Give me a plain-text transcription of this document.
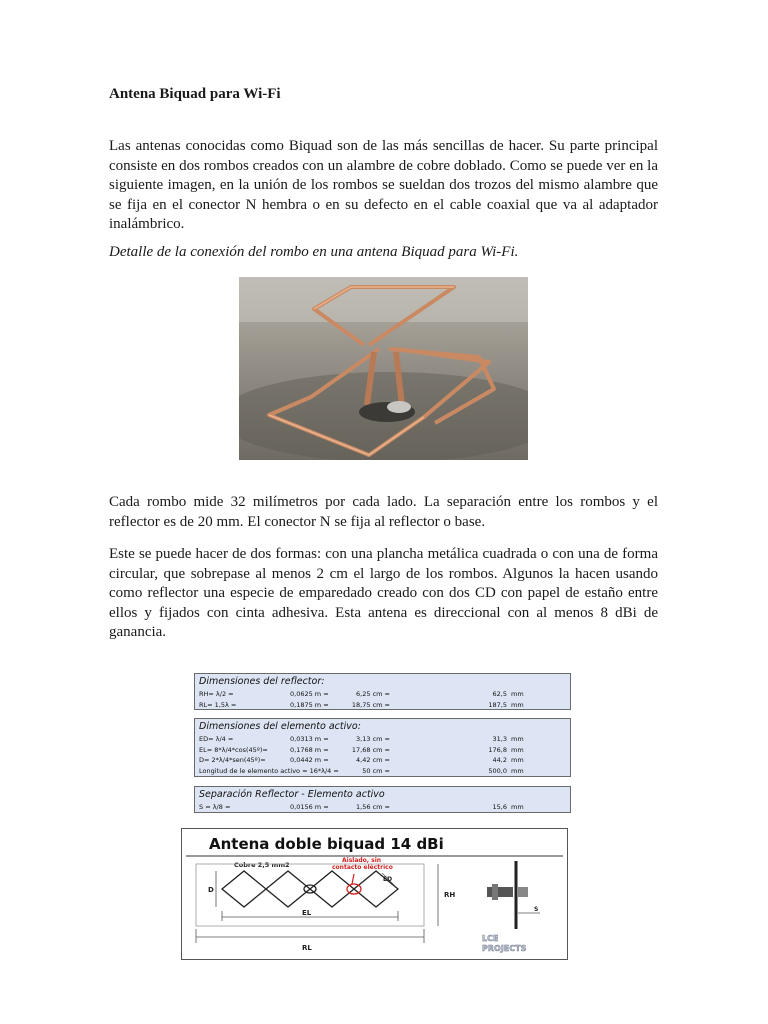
Antena Biquad para Wi-Fi
Las antenas conocidas como Biquad son de las más sencillas de hacer. Su parte principal consiste en dos rombos creados con un alambre de cobre doblado. Como se puede ver en la siguiente imagen, en la unión de los rombos se sueldan dos trozos del mismo alambre que se fija en el conector N hembra o en su defecto en el cable coaxial que va al adaptador inalámbrico.
Detalle de la conexión del rombo en una antena Biquad para Wi-Fi.
Cada rombo mide 32 milímetros por cada lado. La separación entre los rombos y el reflector es de 20 mm. El conector N se fija al reflector o base.
Este se puede hacer de dos formas: con una plancha metálica cuadrada o con una de forma circular, que sobrepase al menos 2 cm el largo de los rombos. Algunos la hacen usando como reflector una especie de emparedado creado con dos CD con papel de estaño entre ellos y fijados con cinta adhesiva. Esta antena es direccional con al menos 8 dBi de ganancia.
Dimensiones del reflector:
RH= λ/2 =	0,0625 m =	6,25 cm =	62,5 mm
RL= 1,5λ =	0,1875 m =	18,75 cm =	187,5 mm
Dimensiones del elemento activo:
ED= λ/4 =	0,0313 m =	3,13 cm =	31,3 mm
EL= 8*λ/4*cos(45º)=	0,1768 m =	17,68 cm =	176,8 mm
D= 2*λ/4*sen(45º)=	0,0442 m =	4,42 cm =	44,2 mm
Longitud de le elemento activo = 16*λ/4 =	50 cm =	500,0 mm
Separación Reflector - Elemento activo
S = λ/8 =	0,0156 m =	1,56 cm =	15,6 mm
Antena doble biquad 14 dBi
Cobre 2,5 mm2
Aislado, sin
contacto eléctrico
D
ED
EL
RL
RH
S
LCE
PROJECTS
